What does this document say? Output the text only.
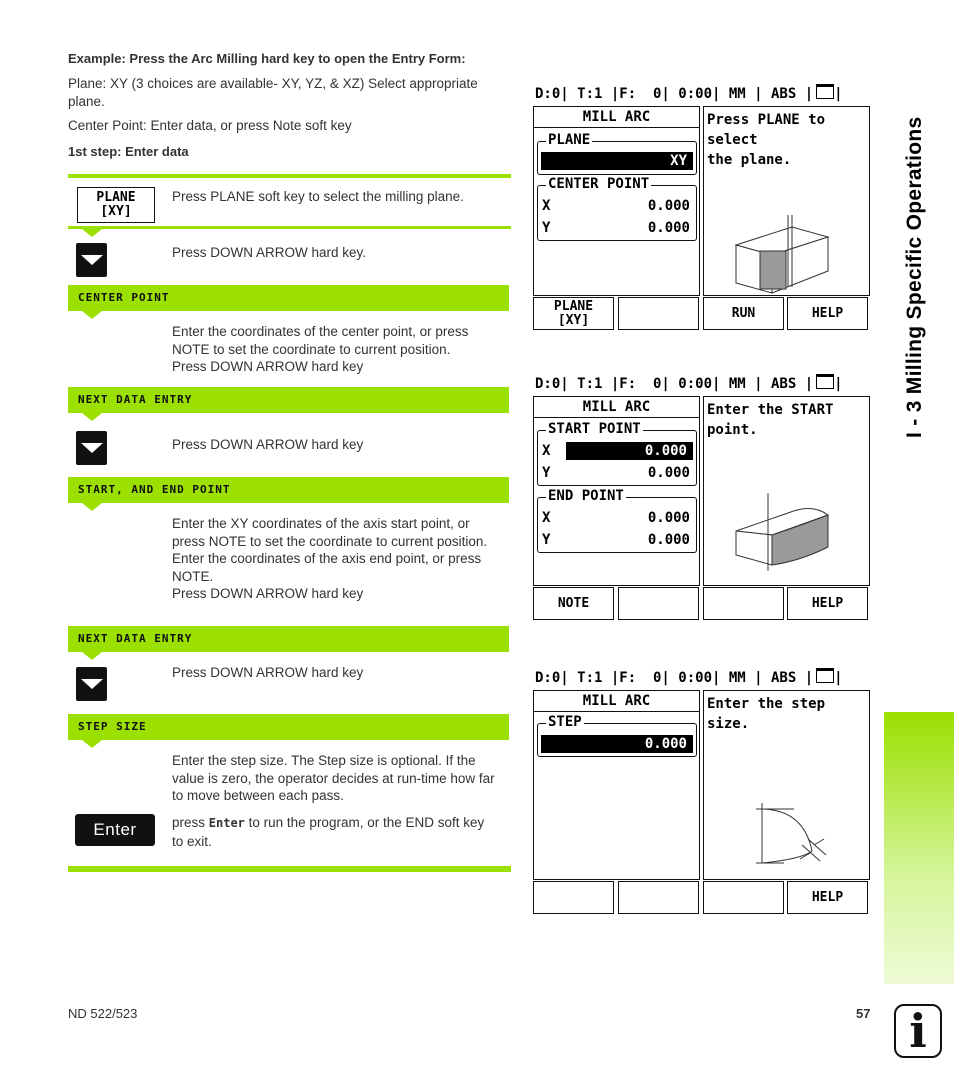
Example: Press the Arc Milling hard key to open the Entry Form:
Plane: XY (3 choices are available- XY, YZ, & XZ) Select appropriate
plane.
Center Point: Enter data, or press Note soft key
1st step: Enter data
PLANE
[XY]
Press PLANE soft key to select the milling plane.
Press DOWN ARROW hard key.
CENTER POINT
Enter the coordinates of the center point, or press
NOTE to set the coordinate to current position.
Press DOWN ARROW hard key
NEXT DATA ENTRY
Press DOWN ARROW hard key
START, AND END POINT
Enter the XY coordinates of the axis start point, or
press NOTE to set the coordinate to current position.
Enter the coordinates of the axis end point, or press
NOTE.
Press DOWN ARROW hard key
NEXT DATA ENTRY
Press DOWN ARROW hard key
STEP SIZE
Enter the step size. The Step size is optional. If the
value is zero, the operator decides at run-time how far
to move between each pass.
Enter	press Enter to run the program, or the END soft key
to exit.
D:0| T:1 |F:  0| 0:00| MM | ABS | |
MILL ARC
PLANE
XY
CENTER POINT
X	0.000
Y	0.000
Press PLANE to select
the plane.
PLANE
[XY]	RUN	HELP
D:0| T:1 |F:  0| 0:00| MM | ABS | |
MILL ARC
START POINT
X	0.000
Y	0.000
END POINT
X	0.000
Y	0.000
Enter the START point.
NOTE	HELP
D:0| T:1 |F:  0| 0:00| MM | ABS | |
MILL ARC
STEP
0.000
Enter the step size.
HELP
I - 3 Milling Specific Operations
ND 522/523	57 i
